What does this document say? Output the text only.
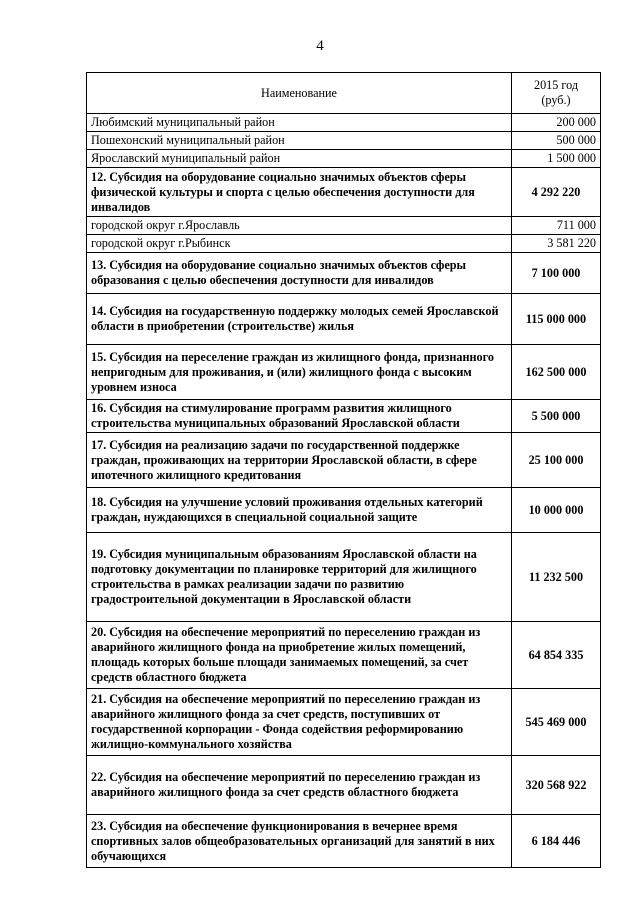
4
Наименование	2015 год
(руб.)

Любимский муниципальный район	200 000
Пошехонский муниципальный район	500 000
Ярославский муниципальный район	1 500 000
12. Субсидия на оборудование социально значимых объектов сферы физической культуры и спорта с целью обеспечения доступности для инвалидов	4 292 220
городской округ г.Ярославль	711 000
городской округ г.Рыбинск	3 581 220
13. Субсидия на оборудование социально значимых объектов сферы образования с целью обеспечения доступности для инвалидов	7 100 000
14. Субсидия на государственную поддержку молодых семей Ярославской области в приобретении (строительстве) жилья	115 000 000
15. Субсидия на переселение граждан из жилищного фонда, признанного непригодным для проживания, и (или) жилищного фонда с высоким уровнем износа	162 500 000
16. Субсидия на стимулирование программ развития жилищного строительства муниципальных образований Ярославской области	5 500 000
17. Субсидия на реализацию задачи по государственной поддержке граждан, проживающих на территории Ярославской области, в сфере ипотечного жилищного кредитования	25 100 000
18. Субсидия на улучшение условий проживания отдельных категорий граждан, нуждающихся в специальной социальной защите	10 000 000
19. Субсидия муниципальным образованиям Ярославской области на подготовку документации по планировке территорий для жилищного строительства в рамках реализации задачи по развитию градостроительной документации в Ярославской области	11 232 500
20. Субсидия на обеспечение мероприятий по переселению граждан из аварийного жилищного фонда на приобретение жилых помещений, площадь которых больше площади занимаемых помещений, за счет средств областного бюджета	64 854 335
21. Субсидия на обеспечение мероприятий по переселению граждан из аварийного жилищного фонда за счет средств, поступивших от государственной корпорации - Фонда содействия реформированию жилищно-коммунального хозяйства	545 469 000
22. Субсидия на обеспечение мероприятий по переселению граждан из аварийного жилищного фонда за счет средств областного бюджета	320 568 922
23. Субсидия на обеспечение функционирования в вечернее время спортивных залов общеобразовательных организаций для занятий в них обучающихся	6 184 446
